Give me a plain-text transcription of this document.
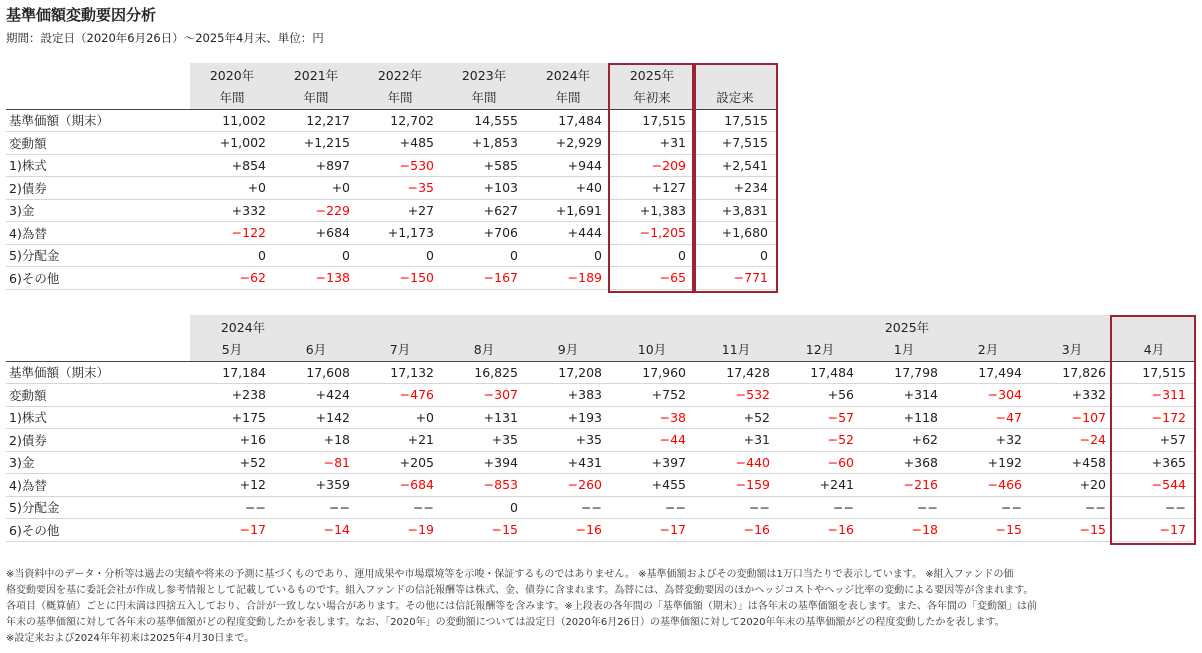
基準価額変動要因分析
期間：設定日（2020年6月26日）～2025年4月末、単位：円
	2020年	2021年	2022年	2023年	2024年	2025年	
	年間	年間	年間	年間	年間	年初来	設定来
基準価額（期末）	11,002	12,217	12,702	14,555	17,484	17,515	17,515
変動額	+1,002	+1,215	+485	+1,853	+2,929	+31	+7,515
1)株式	+854	+897	−530	+585	+944	−209	+2,541
2)債券	+0	+0	−35	+103	+40	+127	+234
3)金	+332	−229	+27	+627	+1,691	+1,383	+3,831
4)為替	−122	+684	+1,173	+706	+444	−1,205	+1,680
5)分配金	0	0	0	0	0	0	0
6)その他	−62	−138	−150	−167	−189	−65	−771
	2024年								2025年			
	5月	6月	7月	8月	9月	10月	11月	12月	1月	2月	3月	4月
基準価額（期末）	17,184	17,608	17,132	16,825	17,208	17,960	17,428	17,484	17,798	17,494	17,826	17,515
変動額	+238	+424	−476	−307	+383	+752	−532	+56	+314	−304	+332	−311
1)株式	+175	+142	+0	+131	+193	−38	+52	−57	+118	−47	−107	−172
2)債券	+16	+18	+21	+35	+35	−44	+31	−52	+62	+32	−24	+57
3)金	+52	−81	+205	+394	+431	+397	−440	−60	+368	+192	+458	+365
4)為替	+12	+359	−684	−853	−260	+455	−159	+241	−216	−466	+20	−544
5)分配金	−−	−−	−−	0	−−	−−	−−	−−	−−	−−	−−	−−
6)その他	−17	−14	−19	−15	−16	−17	−16	−16	−18	−15	−15	−17

※当資料中のデータ・分析等は過去の実績や将来の予測に基づくものであり、運用成果や市場環境等を示唆・保証するものではありません。 ※基準価額およびその変動額は1万口当たりで表示しています。 ※組入ファンドの価

格変動要因を基に委託会社が作成し参考情報として記載しているものです。組入ファンドの信託報酬等は株式、金、債券に含まれます。為替には、為替変動要因のほかヘッジコストやヘッジ比率の変動による要因等が含まれます。

各項目（概算値）ごとに円未満は四捨五入しており、合計が一致しない場合があります。その他には信託報酬等を含みます。※上段表の各年間の「基準価額（期末）」は各年末の基準価額を表します。また、各年間の「変動額」は前

年末の基準価額に対して各年末の基準価額がどの程度変動したかを表します。なお、「2020年」の変動額については設定日（2020年6月26日）の基準価額に対して2020年年末の基準価額がどの程度変動したかを表します。

※設定来および2024年年初来は2025年4月30日まで。
